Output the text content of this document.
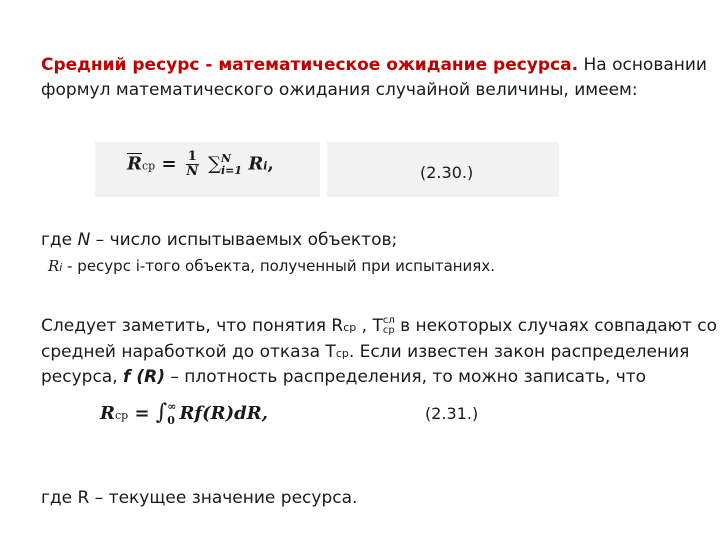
Средний ресурс - математическое ожидание ресурса. На основании
формул математического ожидания случайной величины, имеем:
$\overline{R}ср = \frac{1}{N}$ ∑ N
i=1 Ri,	(2.30.)
где N – число испытываемых объектов;
Ri - ресурс i-того объекта, полученный при испытаниях.
Следует заметить, что понятия Rср , Т сл
ср в некоторых случаях совпадают со
средней наработкой до отказа Тср. Если известен закон распределения
ресурса, f (R) – плотность распределения, то можно записать, что
Rср = ∫ ∞
0 Rf(R)dR,	(2.31.)
где R – текущее значение ресурса.
